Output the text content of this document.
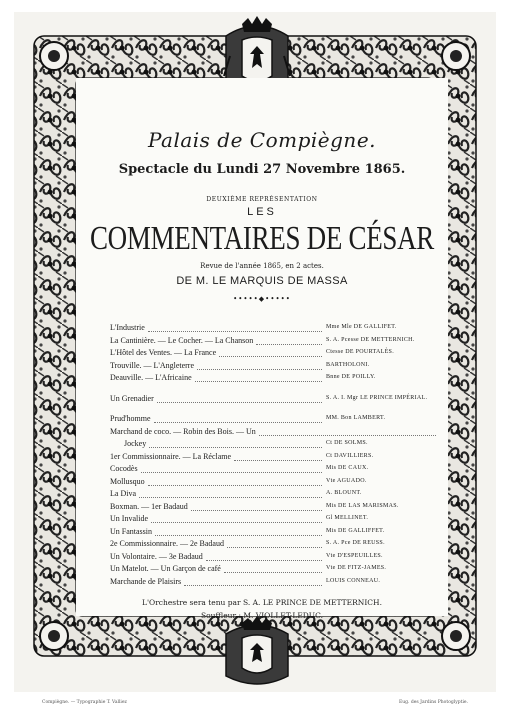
Palais de Compiègne.
Spectacle du Lundi 27 Novembre 1865.
DEUXIÈME REPRÉSENTATION
LES
COMMENTAIRES DE CÉSAR
Revue de l'année 1865, en 2 actes.
DE M. LE MARQUIS DE MASSA
•••••◆•••••
L'Industrie	Mme Mle DE GALLIFET.
La Cantinière. — Le Cocher. — La Chanson	S. A. Pcesse DE METTERNICH.
L'Hôtel des Ventes. — La France	Ctesse DE POURTALÈS.
Trouville. — L'Angleterre	BARTHOLONI.
Deauville. — L'Africaine	Bnne DE POILLY.
Un Grenadier	S. A. I. Mgr LE PRINCE IMPÉRIAL.
Prud'homme	MM. Bon LAMBERT.
Marchand de coco. — Robin des Bois. — Un
Jockey	Ct DE SOLMS.
1er Commissionnaire. — La Réclame	Ct DAVILLIERS.
Cocodès	Mis DE CAUX.
Mollusquo	Vte AGUADO.
La Diva	A. BLOUNT.
Boxman. — 1er Badaud	Mis DE LAS MARISMAS.
Un Invalide	Gl MELLINET.
Un Fantassin	Mis DE GALLIFFET.
2e Commissionnaire. — 2e Badaud	S. A. Pce DE REUSS.
Un Volontaire. — 3e Badaud	Vte D'ESPEUILLES.
Un Matelot. — Un Garçon de café	Vte DE FITZ-JAMES.
Marchande de Plaisirs	LOUIS CONNEAU.
L'Orchestre sera tenu par S. A. LE PRINCE DE METTERNICH.
Souffleur : M. VIOLLET-LEDUC.
Compiègne. — Typographie T. Valliez	Eug. des Jardins Photoglyptie.
